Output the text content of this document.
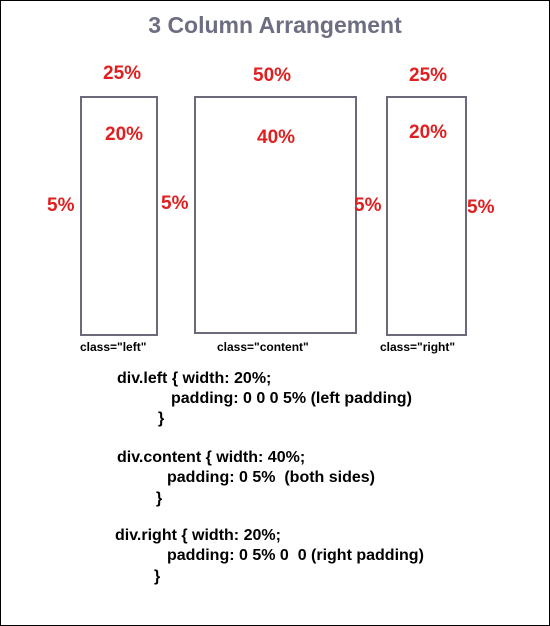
3 Column Arrangement
25%
20%
5%	5%
50%
40%
5%
25%
20%
5%
class="left"	class="content"	class="right"
div.left { width: 20%;
padding: 0 0 0 5% (left padding)
}
div.content { width: 40%;
padding: 0 5%  (both sides)
}
div.right { width: 20%;
padding: 0 5% 0  0 (right padding)
}
